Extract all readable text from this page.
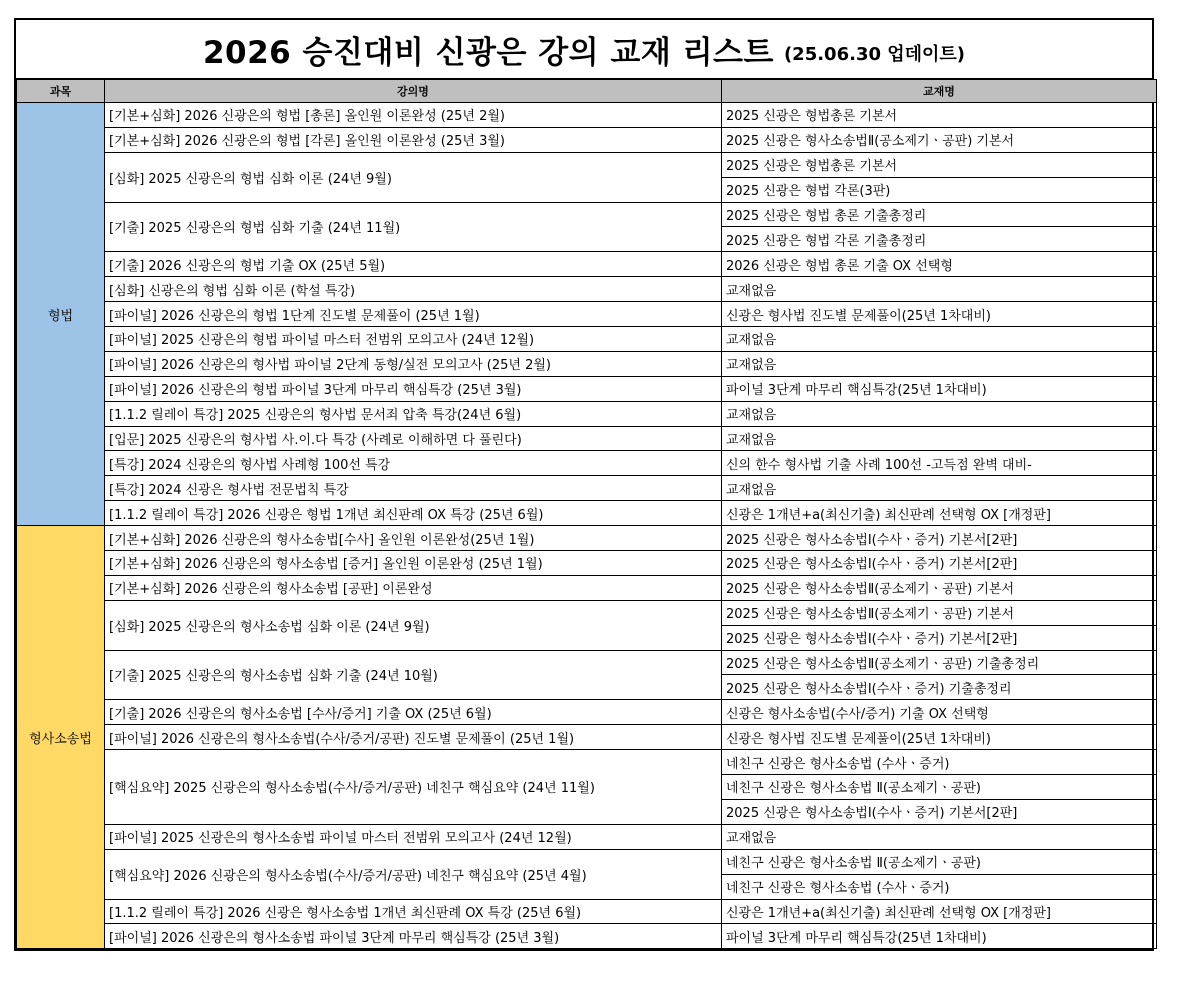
2026 승진대비 신광은 강의 교재 리스트 (25.06.30 업데이트)
과목	강의명	교재명
형법	[기본+심화] 2026 신광은의 형법 [총론] 올인원 이론완성 (25년 2월)	2025 신광은 형법총론 기본서
	[기본+심화] 2026 신광은의 형법 [각론] 올인원 이론완성 (25년 3월)	2025 신광은 형사소송법Ⅱ(공소제기ㆍ공판) 기본서
	[심화] 2025 신광은의 형법 심화 이론 (24년 9월)	2025 신광은 형법총론 기본서
		2025 신광은 형법 각론(3판)
	[기출] 2025 신광은의 형법 심화 기출 (24년 11월)	2025 신광은 형법 총론 기출총정리
		2025 신광은 형법 각론 기출총정리
	[기출] 2026 신광은의 형법 기출 OX (25년 5월)	2026 신광은 형법 총론 기출 OX 선택형
	[심화] 신광은의 형법 심화 이론 (학설 특강)	교재없음
	[파이널] 2026 신광은의 형법 1단계 진도별 문제풀이 (25년 1월)	신광은 형사법 진도별 문제풀이(25년 1차대비)
	[파이널] 2025 신광은의 형법 파이널 마스터 전범위 모의고사 (24년 12월)	교재없음
	[파이널] 2026 신광은의 형사법 파이널 2단계 동형/실전 모의고사 (25년 2월)	교재없음
	[파이널] 2026 신광은의 형법 파이널 3단계 마무리 핵심특강 (25년 3월)	파이널 3단계 마무리 핵심특강(25년 1차대비)
	[1.1.2 릴레이 특강] 2025 신광은의 형사법 문서죄 압축 특강(24년 6월)	교재없음
	[입문] 2025 신광은의 형사법 사.이.다 특강 (사례로 이해하면 다 풀린다)	교재없음
	[특강] 2024 신광은의 형사법 사례형 100선 특강	신의 한수 형사법 기출 사례 100선 -고득점 완벽 대비-
	[특강] 2024 신광은 형사법 전문법칙 특강	교재없음
	[1.1.2 릴레이 특강] 2026 신광은 형법 1개년 최신판례 OX 특강 (25년 6월)	신광은 1개년+a(최신기출) 최신판례 선택형 OX [개정판]
형사소송법	[기본+심화] 2026 신광은의 형사소송법[수사] 올인원 이론완성(25년 1월)	2025 신광은 형사소송법Ⅰ(수사ㆍ증거) 기본서[2판]
	[기본+심화] 2026 신광은의 형사소송법 [증거] 올인원 이론완성 (25년 1월)	2025 신광은 형사소송법Ⅰ(수사ㆍ증거) 기본서[2판]
	[기본+심화] 2026 신광은의 형사소송법 [공판] 이론완성	2025 신광은 형사소송법Ⅱ(공소제기ㆍ공판) 기본서
	[심화] 2025 신광은의 형사소송법 심화 이론 (24년 9월)	2025 신광은 형사소송법Ⅱ(공소제기ㆍ공판) 기본서
		2025 신광은 형사소송법Ⅰ(수사ㆍ증거) 기본서[2판]
	[기출] 2025 신광은의 형사소송법 심화 기출 (24년 10월)	2025 신광은 형사소송법Ⅱ(공소제기ㆍ공판) 기출총정리
		2025 신광은 형사소송법Ⅰ(수사ㆍ증거) 기출총정리
	[기출] 2026 신광은의 형사소송법 [수사/증거] 기출 OX (25년 6월)	신광은 형사소송법(수사/증거) 기출 OX 선택형
	[파이널] 2026 신광은의 형사소송법(수사/증거/공판) 진도별 문제풀이 (25년 1월)	신광은 형사법 진도별 문제풀이(25년 1차대비)
	[핵심요약] 2025 신광은의 형사소송법(수사/증거/공판) 네친구 핵심요약 (24년 11월)	네친구 신광은 형사소송법 (수사ㆍ증거)
		네친구 신광은 형사소송법 Ⅱ(공소제기ㆍ공판)
		2025 신광은 형사소송법Ⅰ(수사ㆍ증거) 기본서[2판]
	[파이널] 2025 신광은의 형사소송법 파이널 마스터 전범위 모의고사 (24년 12월)	교재없음
	[핵심요약] 2026 신광은의 형사소송법(수사/증거/공판) 네친구 핵심요약 (25년 4월)	네친구 신광은 형사소송법 Ⅱ(공소제기ㆍ공판)
		네친구 신광은 형사소송법 (수사ㆍ증거)
	[1.1.2 릴레이 특강] 2026 신광은 형사소송법 1개년 최신판례 OX 특강 (25년 6월)	신광은 1개년+a(최신기출) 최신판례 선택형 OX [개정판]
	[파이널] 2026 신광은의 형사소송법 파이널 3단계 마무리 핵심특강 (25년 3월)	파이널 3단계 마무리 핵심특강(25년 1차대비)
